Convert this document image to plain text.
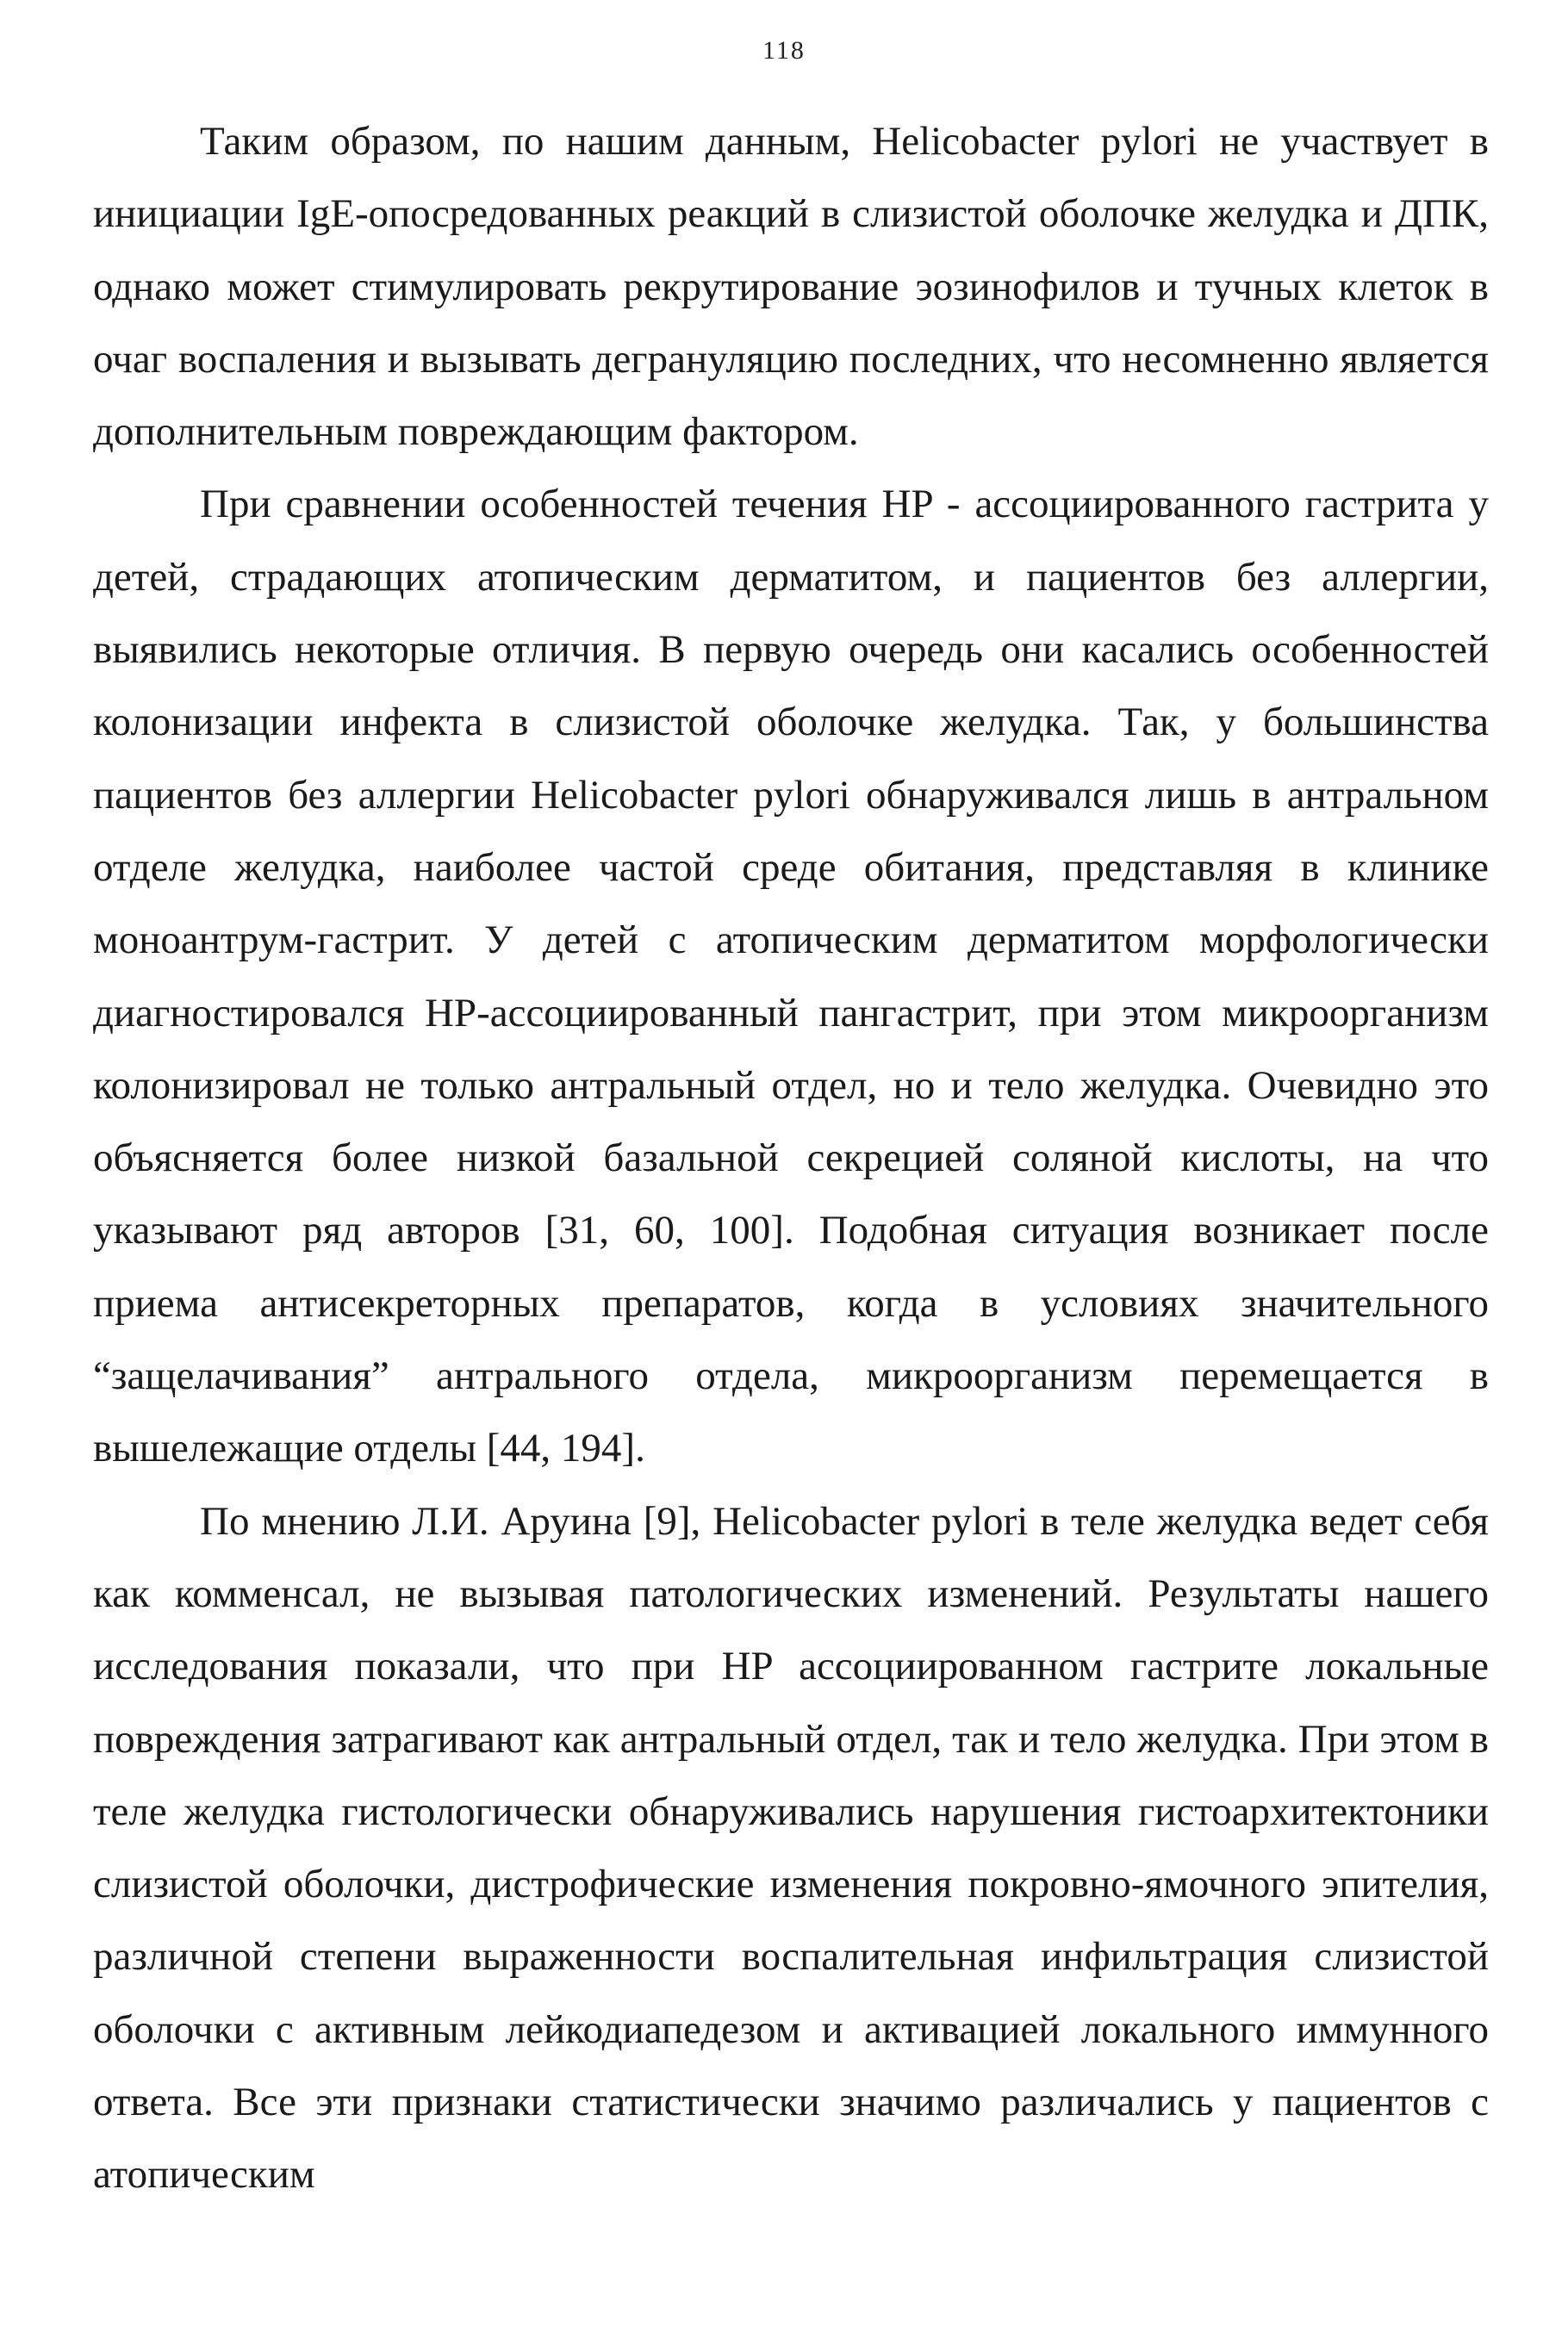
118

Таким образом, по нашим данным, Helicobacter pylori не участвует в инициации IgE-опосредованных реакций в слизистой оболочке желудка и ДПК, однако может стимулировать рекрутирование эозинофилов и тучных клеток в очаг воспаления и вызывать дегрануляцию последних, что несомненно является дополнительным повреждающим фактором.

При сравнении особенностей течения HP - ассоциированного гастрита у детей, страдающих атопическим дерматитом, и пациентов без аллергии, выявились некоторые отличия. В первую очередь они касались особенностей колонизации инфекта в слизистой оболочке желудка. Так, у большинства пациентов без аллергии Helicobacter pylori обнаруживался лишь в антральном отделе желудка, наиболее частой среде обитания, представляя в клинике моноантрум-гастрит. У детей с атопическим дерматитом морфологически диагностировался HP-ассоциированный пангастрит, при этом микроорганизм колонизировал не только антральный отдел, но и тело желудка. Очевидно это объясняется более низкой базальной секрецией соляной кислоты, на что указывают ряд авторов [31, 60, 100]. Подобная ситуация возникает после приема антисекреторных препаратов, когда в условиях значительного “защелачивания” антрального отдела, микроорганизм перемещается в вышележащие отделы [44, 194].

По мнению Л.И. Аруина [9], Helicobacter pylori в теле желудка ведет себя как комменсал, не вызывая патологических изменений. Результаты нашего исследования показали, что при HP ассоциированном гастрите локальные повреждения затрагивают как антральный отдел, так и тело желудка. При этом в теле желудка гистологически обнаруживались нарушения гистоархитектоники слизистой оболочки, дистрофические изменения покровно-ямочного эпителия, различной степени выраженности воспалительная инфильтрация слизистой оболочки с активным лейкодиапедезом и активацией локального иммунного ответа. Все эти признаки статистически значимо различались у пациентов с атопическим
